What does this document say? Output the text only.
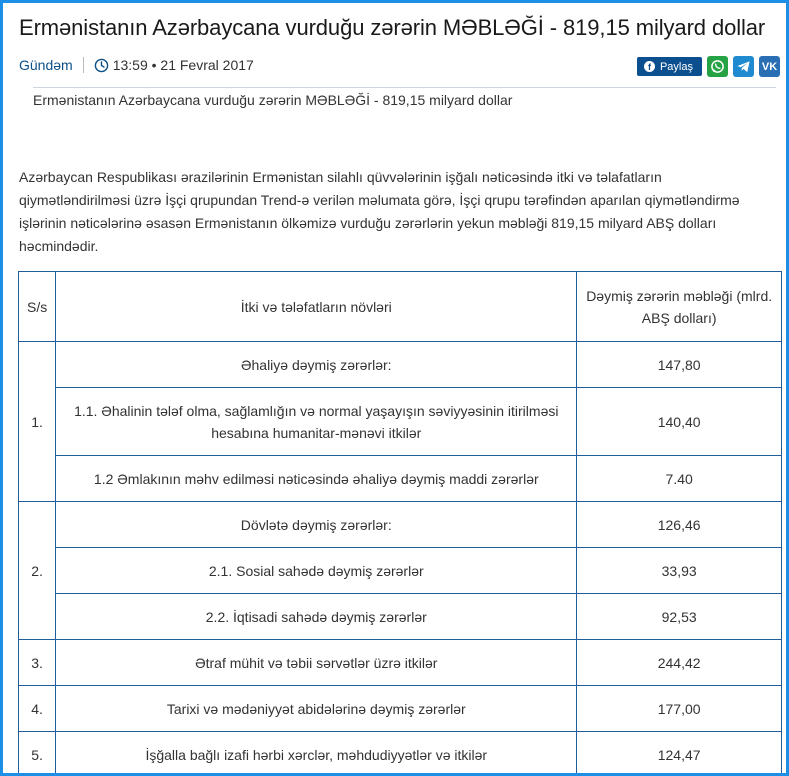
Ermənistanın Azərbaycana vurduğu zərərin MƏBLƏĞİ - 819,15 milyard dollar
Gündəm	13:59 • 21 Fevral 2017	f Paylaş	VK
Ermənistanın Azərbaycana vurduğu zərərin MƏBLƏĞİ - 819,15 milyard dollar

Azərbaycan Respublikası ərazilərinin Ermənistan silahlı qüvvələrinin işğalı nəticəsində itki və təlafatların qiymətləndirilməsi üzrə İşçi qrupundan Trend-ə verilən məlumata görə, İşçi qrupu tərəfindən aparılan qiymətləndirmə işlərinin nəticələrinə əsasən Ermənistanın ölkəmizə vurduğu zərərlərin yekun məbləği 819,15 milyard ABŞ dolları həcmindədir.

S/s	İtki və tələfatların növləri	Dəymiş zərərin məbləği (mlrd. ABŞ dolları)
1.	Əhaliyə dəymiş zərərlər:	147,80
	1.1. Əhalinin tələf olma, sağlamlığın və normal yaşayışın səviyyəsinin itirilməsi hesabına humanitar-mənəvi itkilər	140,40
	1.2 Əmlakının məhv edilməsi nəticəsində əhaliyə dəymiş maddi zərərlər	7.40
2.	Dövlətə dəymiş zərərlər:	126,46
	2.1. Sosial sahədə dəymiş zərərlər	33,93
	2.2. İqtisadi sahədə dəymiş zərərlər	92,53
3.	Ətraf mühit və təbii sərvətlər üzrə itkilər	244,42
4.	Tarixi və mədəniyyət abidələrinə dəymiş zərərlər	177,00
5.	İşğalla bağlı izafi hərbi xərclər, məhdudiyyətlər və itkilər	124,47
